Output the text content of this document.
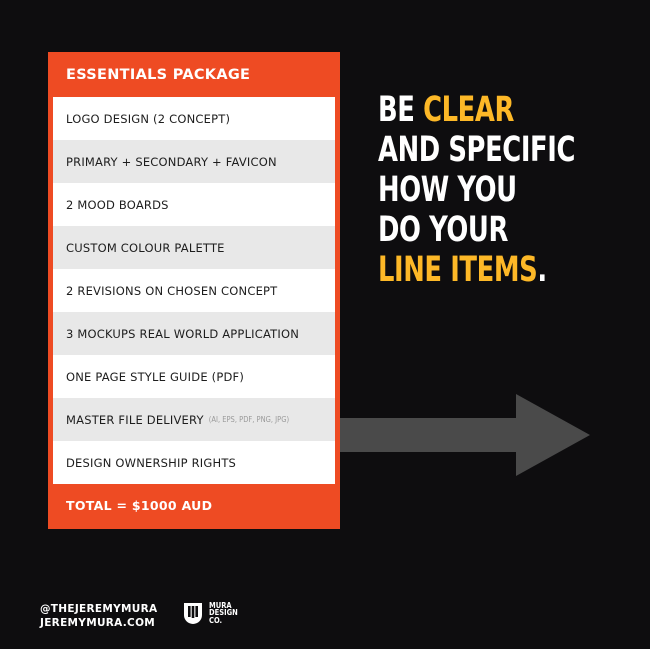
ESSENTIALS PACKAGE
LOGO DESIGN (2 CONCEPT)
PRIMARY + SECONDARY + FAVICON
2 MOOD BOARDS
CUSTOM COLOUR PALETTE
2 REVISIONS ON CHOSEN CONCEPT
3 MOCKUPS REAL WORLD APPLICATION
ONE PAGE STYLE GUIDE (PDF)
MASTER FILE DELIVERY (AI, EPS, PDF, PNG, JPG)
DESIGN OWNERSHIP RIGHTS
TOTAL = $1000 AUD
BE CLEAR
AND SPECIFIC
HOW YOU
DO YOUR
LINE ITEMS.
@THEJEREMYMURA
JEREMYMURA.COM
MURA
DESIGN
CO.
